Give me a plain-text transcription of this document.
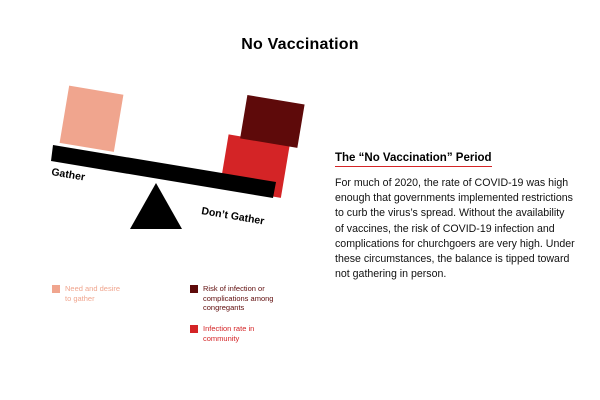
No Vaccination
Gather
Don’t Gather
The “No Vaccination” Period
For much of 2020, the rate of COVID-19 was high enough that governments implemented restrictions to curb the virus’s spread. Without the availability of vaccines, the risk of COVID-19 infection and complications for churchgoers are very high. Under these circumstances, the balance is tipped toward not gathering in person.
Need and desire to gather
Risk of infection or complications among congregants
Infection rate in community
